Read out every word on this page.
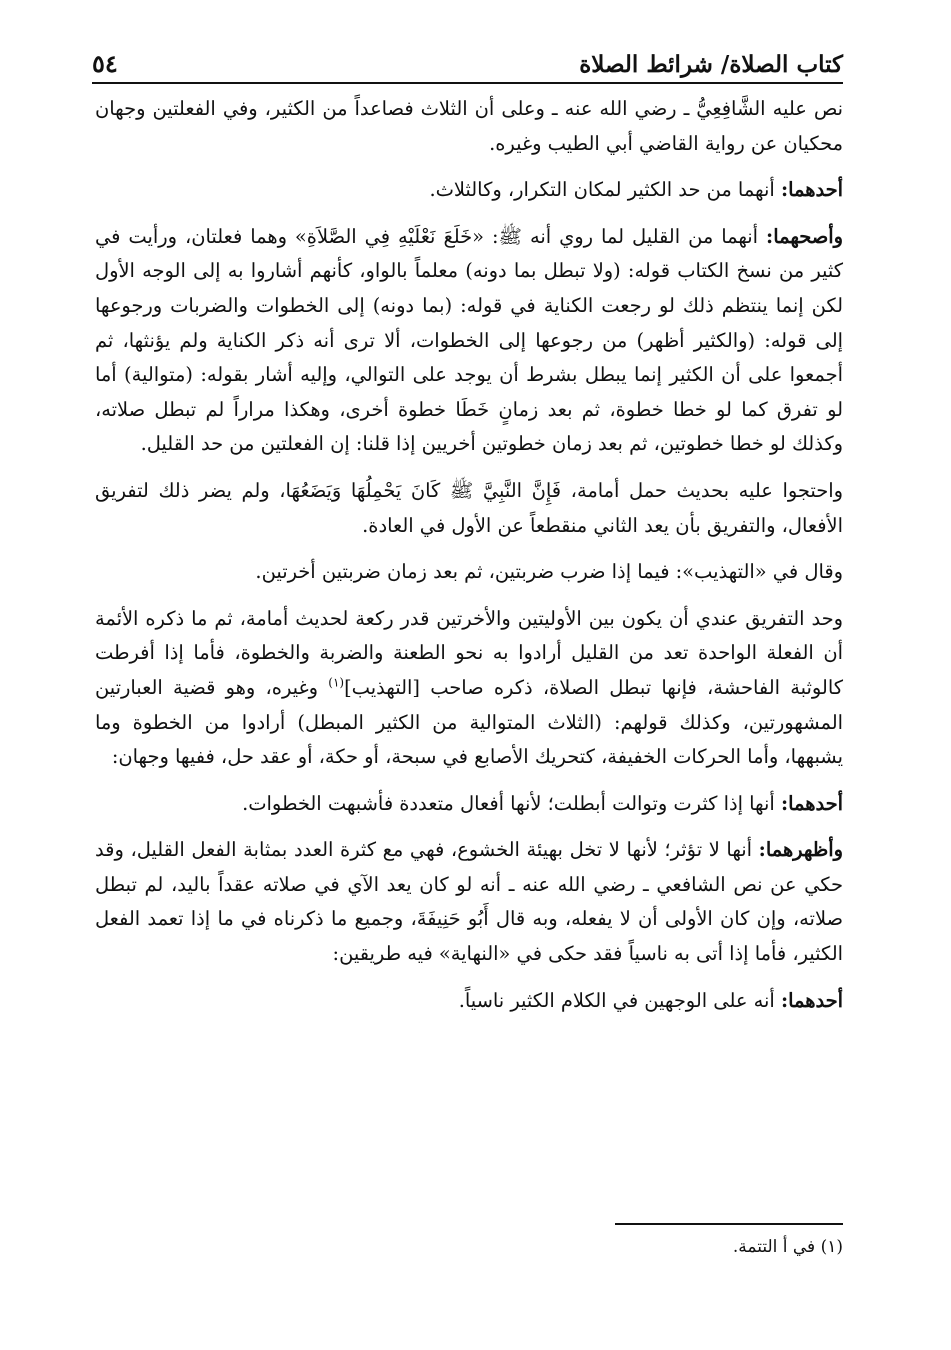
كتاب الصلاة/ شرائط الصلاة
٥٤

نص عليه الشَّافِعِيُّ ـ رضي الله عنه ـ وعلى أن الثلاث فصاعداً من الكثير، وفي الفعلتين وجهان محكيان عن رواية القاضي أبي الطيب وغيره.

أحدهما: أنهما من حد الكثير لمكان التكرار، وكالثلاث.

وأصحهما: أنهما من القليل لما روي أنه ﷺ: «خَلَعَ نَعْلَيْهِ فِي الصَّلاَةِ» وهما فعلتان، ورأيت في كثير من نسخ الكتاب قوله: (ولا تبطل بما دونه) معلماً بالواو، كأنهم أشاروا به إلى الوجه الأول لكن إنما ينتظم ذلك لو رجعت الكناية في قوله: (بما دونه) إلى الخطوات والضربات ورجوعها إلى قوله: (والكثير أظهر) من رجوعها إلى الخطوات، ألا ترى أنه ذكر الكناية ولم يؤنثها، ثم أجمعوا على أن الكثير إنما يبطل بشرط أن يوجد على التوالي، وإليه أشار بقوله: (متوالية) أما لو تفرق كما لو خطا خطوة، ثم بعد زمانٍ خَطَا خطوة أخرى، وهكذا مراراً لم تبطل صلاته، وكذلك لو خطا خطوتين، ثم بعد زمان خطوتين أخريين إذا قلنا: إن الفعلتين من حد القليل.

واحتجوا عليه بحديث حمل أمامة، فَإِنَّ النَّبِيَّ ﷺ كَانَ يَحْمِلُهَا وَيَضَعُهَا، ولم يضر ذلك لتفريق الأفعال، والتفريق بأن يعد الثاني منقطعاً عن الأول في العادة.

وقال في «التهذيب»: فيما إذا ضرب ضربتين، ثم بعد زمان ضربتين أخرتين.

وحد التفريق عندي أن يكون بين الأوليتين والأخرتين قدر ركعة لحديث أمامة، ثم ما ذكره الأئمة أن الفعلة الواحدة تعد من القليل أرادوا به نحو الطعنة والضربة والخطوة، فأما إذا أفرطت كالوثبة الفاحشة، فإنها تبطل الصلاة، ذكره صاحب [التهذيب]$^{(١)}$ وغيره، وهو قضية العبارتين المشهورتين، وكذلك قولهم: (الثلاث المتوالية من الكثير المبطل) أرادوا من الخطوة وما يشبهها، وأما الحركات الخفيفة، كتحريك الأصابع في سبحة، أو حكة، أو عقد حل، ففيها وجهان:

أحدهما: أنها إذا كثرت وتوالت أبطلت؛ لأنها أفعال متعددة فأشبهت الخطوات.

وأظهرهما: أنها لا تؤثر؛ لأنها لا تخل بهيئة الخشوع، فهي مع كثرة العدد بمثابة الفعل القليل، وقد حكي عن نص الشافعي ـ رضي الله عنه ـ أنه لو كان يعد الآي في صلاته عقداً باليد، لم تبطل صلاته، وإن كان الأولى أن لا يفعله، وبه قال أَبُو حَنِيفَةَ، وجميع ما ذكرناه في ما إذا تعمد الفعل الكثير، فأما إذا أتى به ناسياً فقد حكى في «النهاية» فيه طريقين:

أحدهما: أنه على الوجهين في الكلام الكثير ناسياً.

(١) في أ التتمة.
